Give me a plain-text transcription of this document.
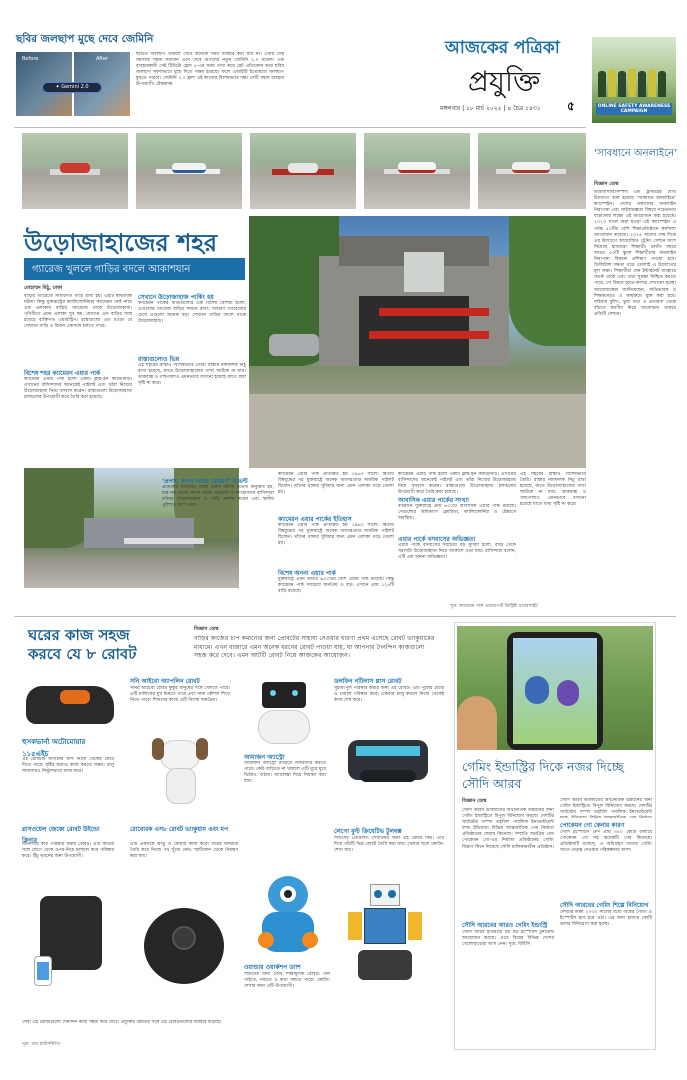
ছবির জলছাপ মুছে দেবে জেমিনি
Before	After
✦ Gemini 2.0
ছবিতে জলছাপ থাকলে সেটি অনেকে সময় ব্যবহার করা যায় না। এবার সেই সমস্যার সহজ সমাধান এনে দেবে গুগলের নতুন জেমিনি ২.০ মডেল। এক ব্যবহারকারী সেই টিউটো ফ্লেস ৫-এর সময় দেখা করে রেট প্রতিবেদন করে ছবির জলছাপ সফলভাবে মুছে দিতে সক্ষম হয়েছে। ফলে এআইটি ইতোমধ্যে জলছাপ মুছতে পারবে। জেমিনি ২.০ ফ্লাশ এই কাজের বিশেষভাবে দক্ষ। সেটি সহজ ব্যবহার উপযোগী। টেকক্রাঞ্চ
আজকের পত্রিকা
প্রযুক্তি
মঙ্গলবার | ১৮ মার্চ ২০২৫ | ৪ চৈত্র ১৪৩১ ৫	ONLINE SAFETY AWARENESS CAMPAIGN
‘সাবধানে অনলাইনে’
বিজ্ঞান ডেস্ক
ডাটাবাসারিসিম্পল এন্ড ট্রাস্টরের যৌথ উদ্যোগে শুরু হয়েছে ‘সাবধানে অনলাইনে’ ক্যাম্পেইন। দেশের তরুণদের অনলাইন নিরাপত্তা এবং সাইবারজ্ঞতা বিষয়ে সচেতনতা বাড়ানোর লক্ষ্যে এই আয়োজন করা হয়েছে। ২০২৩ সালে শুরু হওয়া এই ক্যাম্পেইন এ পর্যন্ত ৫০টির বেশি শিক্ষাপ্রতিষ্ঠানে কর্মশালা আয়োজন করেছে। ২০২৪ সালের শেষ দিকে এর উদ্যোগে আয়োজিত ট্রেনিং সেশনে অংশ নিয়েছে হাজারো শিক্ষার্থী। চলতি বছরে আরও ৫০টি স্কুলে শিক্ষার্থীদের অনলাইন নিরাপত্তা বিষয়ক প্রশিক্ষণ দেওয়া হবে। ডিজিটাল দক্ষতা গড়ে তোলাই এ উদ্যোগের মূল লক্ষ্য। শিক্ষার্থীরা যেন ইন্টারনেট ব্যবহারে সতর্ক থাকে এবং তথ্য সুরক্ষা নিশ্চিত করতে পারে, সে বিষয়ে হাতে-কলমে শেখানো হচ্ছে। আয়োজকেরা জানিয়েছেন, অভিভাবক ও শিক্ষকদেরও এ কার্যক্রমে যুক্ত করা হবে। সাইবার বুলিং, ভুয়া তথ্য ও প্রতারণা থেকে বাঁচতে করণীয় নিয়ে আলোচনা থাকবে প্রতিটি সেশনে।
উড়োজাহাজের শহর
গ্যারেজ খুললে গাড়ির বদলে আকাশযান
মোহাম্মদ মিঠু, ঢাকা
বাড়ির গ্যারেজে সাধারণত গাড়ি রাখা হয়। এইটি স্বাভাবিক ঘটনা। কিন্তু যুক্তরাষ্ট্রের ক্যালিফোর্নিয়ার ক্যামেরন পার্ক নামে এক এলাকায় বাড়ির গ্যারেজে থাকে উড়োজাহাজ। পৃথিবীতে এমন এলাকা খুব কম, যেখানে এত বাড়ির সঙ্গে রয়েছে ব্যক্তিগত এয়ারস্ট্রিপ। রাস্তাগুলো এত চওড়া যে সেখানে গাড়ি ও বিমান একসঙ্গে চলতে পারে।
বিশেষ শহর ক্যামেরন এয়ার পার্ক
ক্যামেরন এয়ার পার্ক হলো একটি ফ্লাই-ইন কমিউনিটি। এখানের বাসিন্দাদের অনেকেই পাইলট এবং তাঁরা নিজের উড়োজাহাজ নিয়ে বসবাস করেন। রাস্তাগুলো উড়োজাহাজ চলাচলের উপযোগী করে তৈরি করা হয়েছে।
সেখানে উড়োজাহাজ পার্কিং হয়
ক্যামেরন পার্কের বাড়িগুলোর এক বিশেষ বৈশিষ্ট্য হলো, এগুলোর গ্যারেজ বাড়ির সামনে রাখা। সাধারণ গ্যারেজের চেয়ে এগুলো অনেক বড়। সেখানে গাড়ির বদলে থাকে উড়োজাহাজ।
রাস্তাগুলোও ভিন্ন
এই শহরের রাস্তাও বিশেষভাবে তৈরি। রাস্তার নামফলক নিচু রাখা হয়েছে, যাতে উড়োজাহাজের পাখা আটকে না যায়। ডাকবাক্স ও গাছপালাও এমনভাবে বসানো হয়েছে যাতে বাধা সৃষ্টি না করে।
‘প্রপস, কপস অ্যান্ড রোডার্স’ ইভেন্ট
প্রতিবছর ক্যামেরন পার্কে একটি বিশেষ ইভেন্ট অনুষ্ঠিত হয়, যার নাম প্রপস, কপস অ্যান্ড রোডার্স। এ আয়োজনে বাসিন্দারা তাঁদের উড়োজাহাজ ও গাড়ি প্রদর্শন করেন এবং স্থানীয় পুলিশও অংশ নেয়।
ক্যামেরন এয়ার পার্ক প্রতিষ্ঠিত হয় ১৯৬৩ সালে। দ্বিতীয় বিশ্বযুদ্ধের পর যুক্তরাষ্ট্রে অনেক অবসরপ্রাপ্ত সামরিক পাইলট ছিলেন। তাঁদের থাকার সুবিধার জন্য এমন এলাকা গড়ে তোলা হয়।
ক্যামেরন এয়ার পার্কের ইতিহাস
ক্যামেরন এয়ার পার্ক প্রতিষ্ঠিত হয় ১৯৬৩ সালে। দ্বিতীয় বিশ্বযুদ্ধের পর যুক্তরাষ্ট্রে অনেক অবসরপ্রাপ্ত সামরিক পাইলট ছিলেন। তাঁদের থাকার সুবিধার জন্য এমন এলাকা গড়ে তোলা হয়।
বিশেষ অনন্য এয়ার পার্ক
যুক্তরাষ্ট্রে এমন আরও ৬০০টির বেশি এয়ার পার্ক রয়েছে। কিন্তু ক্যামেরন পার্ক সবচেয়ে জনপ্রিয় ও বড়। এখানে প্রায় ১২৪টি বাড়ি রয়েছে।
ক্যামেরন এয়ার পার্ক হলো একটি ফ্লাই-ইন কমিউনিটি। এখানের বাসিন্দাদের অনেকেই পাইলট এবং তাঁরা নিজের উড়োজাহাজ নিয়ে বসবাস করেন। রাস্তাগুলো উড়োজাহাজ চলাচলের উপযোগী করে তৈরি করা হয়েছে।
আবাসিক এয়ার পার্কের সংখ্যা
বর্তমানে যুক্তরাষ্ট্রে প্রায় ৬০০টি আবাসিক এয়ার পার্ক রয়েছে। সেগুলোর অধিকাংশ ফ্লোরিডা, ক্যালিফোর্নিয়া ও টেক্সাসে অবস্থিত।
এয়ার পার্কে বসবাসের অভিজ্ঞতা
এয়ার পার্কে বসবাসের সবচেয়ে বড় সুবিধা হলো, বাড়ি থেকে সরাসরি উড়োজাহাজ নিয়ে আকাশে ওড়া যায়। বাসিন্দারা বলেন, এটি এক অনন্য অভিজ্ঞতা।
এই শহরের রাস্তাও বিশেষভাবে তৈরি। রাস্তার নামফলক নিচু রাখা হয়েছে, যাতে উড়োজাহাজের পাখা আটকে না যায়। ডাকবাক্স ও গাছপালাও এমনভাবে বসানো হয়েছে যাতে বাধা সৃষ্টি না করে।
সূত্র: ক্যামেরন পার্ক এয়ারপোর্ট ডিস্ট্রিক্ট ওয়েবসাইট
ঘরের কাজ সহজ
করবে যে ৮ রোবট
বিজ্ঞান ডেস্ক
বাড়ির কাজের চাপ কমানোর জন্য প্রোবটের সাহায্য নেওয়ার ধারণা প্রথম এসেছে রোবট ভ্যাকুয়ামের মাধ্যমে। এখন বাজারে এমন অনেক ধরনের রোবট পাওয়া যায়, যা আপনার দৈনন্দিন কাজগুলো সহজ করে দেবে। এমন আটটি রোবট নিয়ে আজকের আয়োজন।
হুসকভার্না অটোমোয়ার ১১৫এইচ
এই রোবটটি বাগানের ঘাস নিজে থেকেই কেটে দিতে পারে। বৃষ্টির মধ্যেও কাজ করতে সক্ষম। ঢালু জায়গায়ও নির্ভুলভাবে কাজ করে।
সনি আইবো অ্যাপলিন রোবট
সনির আইবো রোবট কুকুর মানুষের সঙ্গে খেলতে পারে। এটি মালিকের মুখ চিনতে পারে এবং নানা কৌশল শিখে নিতে পারে। শিশুদের কাছে এটি বিশেষ জনপ্রিয়।
আমাজন অ্যাস্ট্রো
আমাজন অ্যাস্ট্রো বাড়িতে নজরদারি করতে পারে। কেউ বাড়িতে না থাকলে এটি ঘুরে ঘুরে ভিডিও পাঠায়। অ্যালেক্সা দিয়ে নিয়ন্ত্রণ করা যায়।
ডলফিন নটিলাস প্লাস রোবট
সুইমিংপুল পরিষ্কার করার জন্য এই রোবট। এটি পুলের মেঝে ও দেয়াল পরিষ্কার করে। একবার চালু করলে নিজে থেকেই কাজ শেষ করে।
গ্লাসওয়েল জেকো রোবট উইন্ডো ক্লিনার
জানালার কাচ পরিষ্কার করার রোবট। এটি কাচের সঙ্গে লেগে থেকে ওপর-নিচে চলাচল করে পরিষ্কার করে। উঁচু ভবনের জন্য উপযোগী।
রোবোরক এস৮ রোবট ভ্যাকুয়াম এবং মপ
এটি একসঙ্গে ঝাড়ু ও মোছার কাজ করে। ঘরের মানচিত্র তৈরি করে নিজে পথ খুঁজে নেয়। স্মার্টফোন থেকে নিয়ন্ত্রণ করা যায়।
লেগো বুস্ট ক্রিয়েটিভ টুলবক্স
শিশুদের প্রোগ্রামিং শেখানোর জন্য এই রোবট কিট। এটি দিয়ে পাঁচটি ভিন্ন রোবট তৈরি করা যায়। খেলার ছলে কোডিং শেখা যায়।
ওয়ান্ডার ওয়ার্কশপ ড্যাশ
শিশুদের জন্য তৈরি শিক্ষামূলক রোবট। গান গাইতে, নাচতে ও কথা বলতে পারে। কোডিং শেখার জন্য এটি উপযোগী।
সেবা এই রোবটগুলো দৈনন্দিন কাজ সহজ করে দেবে। প্রযুক্তির উন্নতির সঙ্গে এই রোবটগুলোর ব্যবহার বাড়ছে।
সূত্র: গুড হাউসকিপিং
গেমিং ইন্ডাস্ট্রির দিকে নজর দিচ্ছে সৌদি আরব
বিজ্ঞান ডেস্ক
সৌদি আরব ভবিষ্যতের অর্থনৈতিক উন্নয়নের জন্য গেমিং ইন্ডাস্ট্রিতে বিপুল বিনিয়োগ করছে। দেশটির সার্বভৌম সম্পদ তহবিল পাবলিক ইনভেস্টমেন্ট ফান্ড ইতিমধ্যে বিভিন্ন আন্তর্জাতিক গেম নির্মাতা প্রতিষ্ঠানের শেয়ার কিনেছে। সম্প্রতি জনপ্রিয় গেম পোকেমন গো-এর নির্মাতা প্রতিষ্ঠানের গেমিং বিভাগ কিনে নিয়েছে সৌদি মালিকানাধীন প্রতিষ্ঠান।
সৌদি আরবের আরও গেমিং ইন্ডাস্ট্রি
সৌদি আরব ইতিমধ্যে বড় বড় ইস্পোর্টস টুর্নামেন্ট আয়োজন করছে। এতে বিশ্বের বিভিন্ন দেশের খেলোয়াড়েরা অংশ নেন। সূত্র: বিবিসি
সৌদি আরব ভবিষ্যতের অর্থনৈতিক উন্নয়নের জন্য গেমিং ইন্ডাস্ট্রিতে বিপুল বিনিয়োগ করছে। দেশটির সার্বভৌম সম্পদ তহবিল পাবলিক ইনভেস্টমেন্ট
পোকেমন গো কেনার কারণ
সৌদি ইস্পোর্টস গ্রুপ প্রায় ৩৫০ কোটি ডলারে পোকেমন গো সহ কয়েকটি গেম কিনেছে। প্রতিষ্ঠানটি বলেছে, এ অধিগ্রহণ তাদের গেমিং খাতে নেতৃত্ব দেওয়ার পরিকল্পনার অংশ।
সৌদি আরবের গেমিং শিল্পে বিনিয়োগ
দেশটির লক্ষ্য ২০৩০ সালের মধ্যে বিশ্বের গেমিং ও ইস্পোর্টস হাব হয়ে ওঠা। এর জন্য হাজার কোটি ডলার বিনিয়োগ করা হচ্ছে।
